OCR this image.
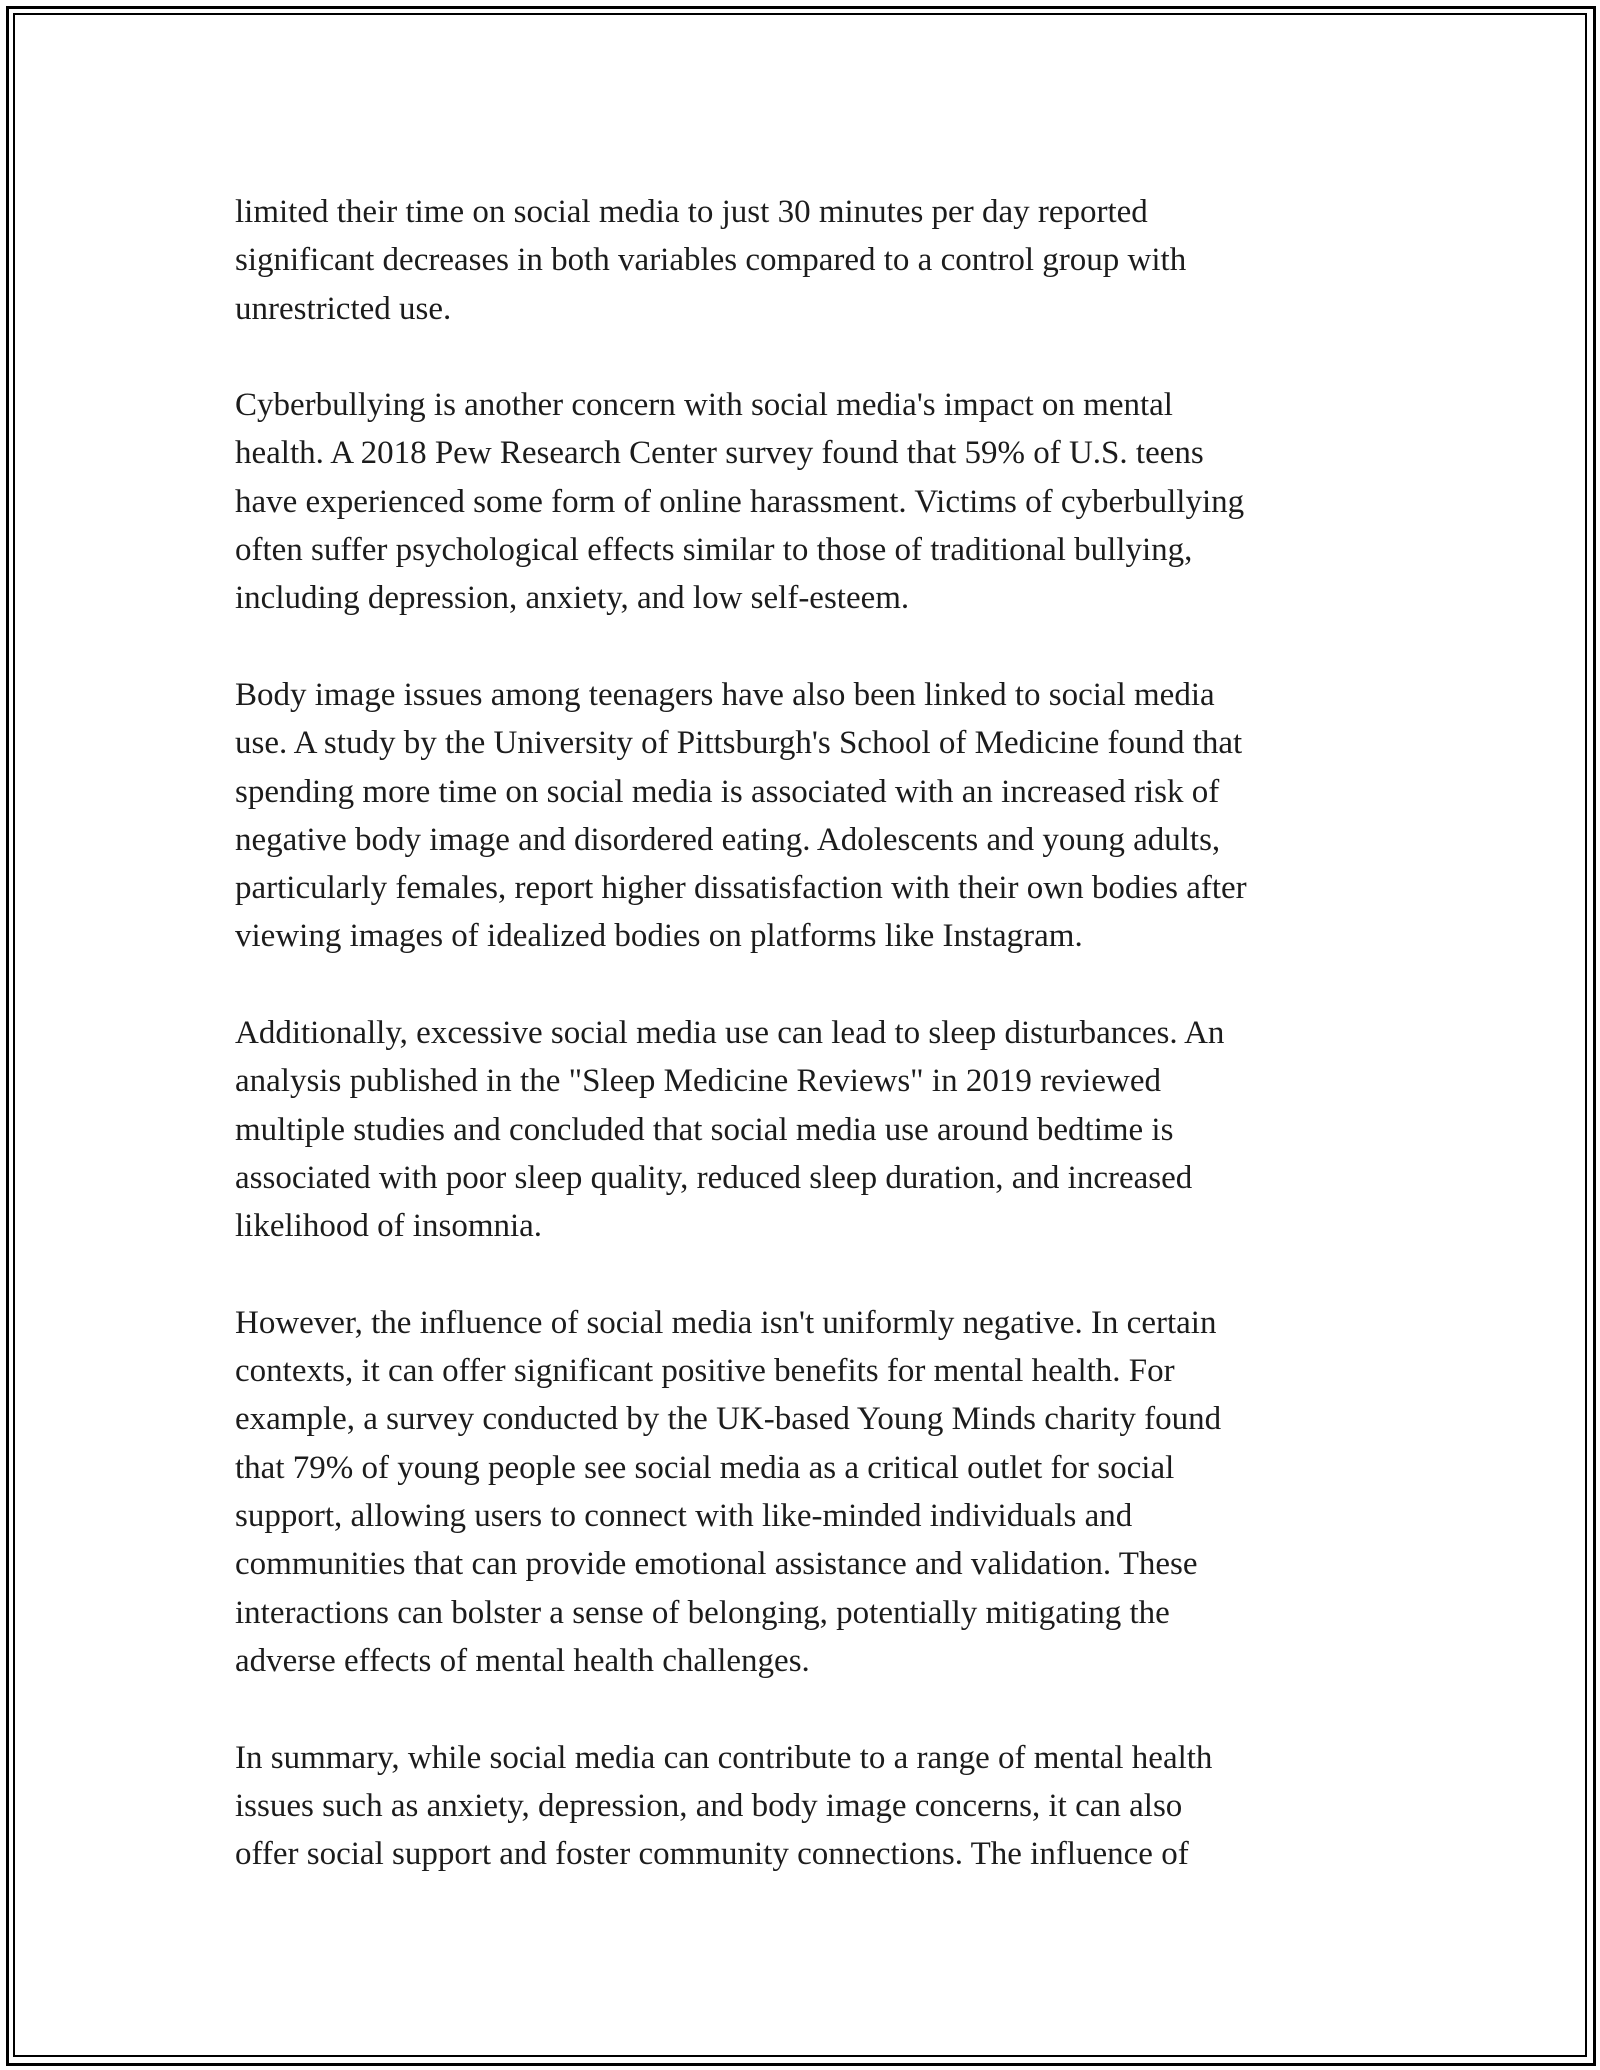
limited their time on social media to just 30 minutes per day reported
significant decreases in both variables compared to a control group with
unrestricted use.

Cyberbullying is another concern with social media's impact on mental
health. A 2018 Pew Research Center survey found that 59% of U.S. teens
have experienced some form of online harassment. Victims of cyberbullying
often suffer psychological effects similar to those of traditional bullying,
including depression, anxiety, and low self-esteem.

Body image issues among teenagers have also been linked to social media
use. A study by the University of Pittsburgh's School of Medicine found that
spending more time on social media is associated with an increased risk of
negative body image and disordered eating. Adolescents and young adults,
particularly females, report higher dissatisfaction with their own bodies after
viewing images of idealized bodies on platforms like Instagram.

Additionally, excessive social media use can lead to sleep disturbances. An
analysis published in the "Sleep Medicine Reviews" in 2019 reviewed
multiple studies and concluded that social media use around bedtime is
associated with poor sleep quality, reduced sleep duration, and increased
likelihood of insomnia.

However, the influence of social media isn't uniformly negative. In certain
contexts, it can offer significant positive benefits for mental health. For
example, a survey conducted by the UK-based Young Minds charity found
that 79% of young people see social media as a critical outlet for social
support, allowing users to connect with like-minded individuals and
communities that can provide emotional assistance and validation. These
interactions can bolster a sense of belonging, potentially mitigating the
adverse effects of mental health challenges.

In summary, while social media can contribute to a range of mental health
issues such as anxiety, depression, and body image concerns, it can also
offer social support and foster community connections. The influence of
